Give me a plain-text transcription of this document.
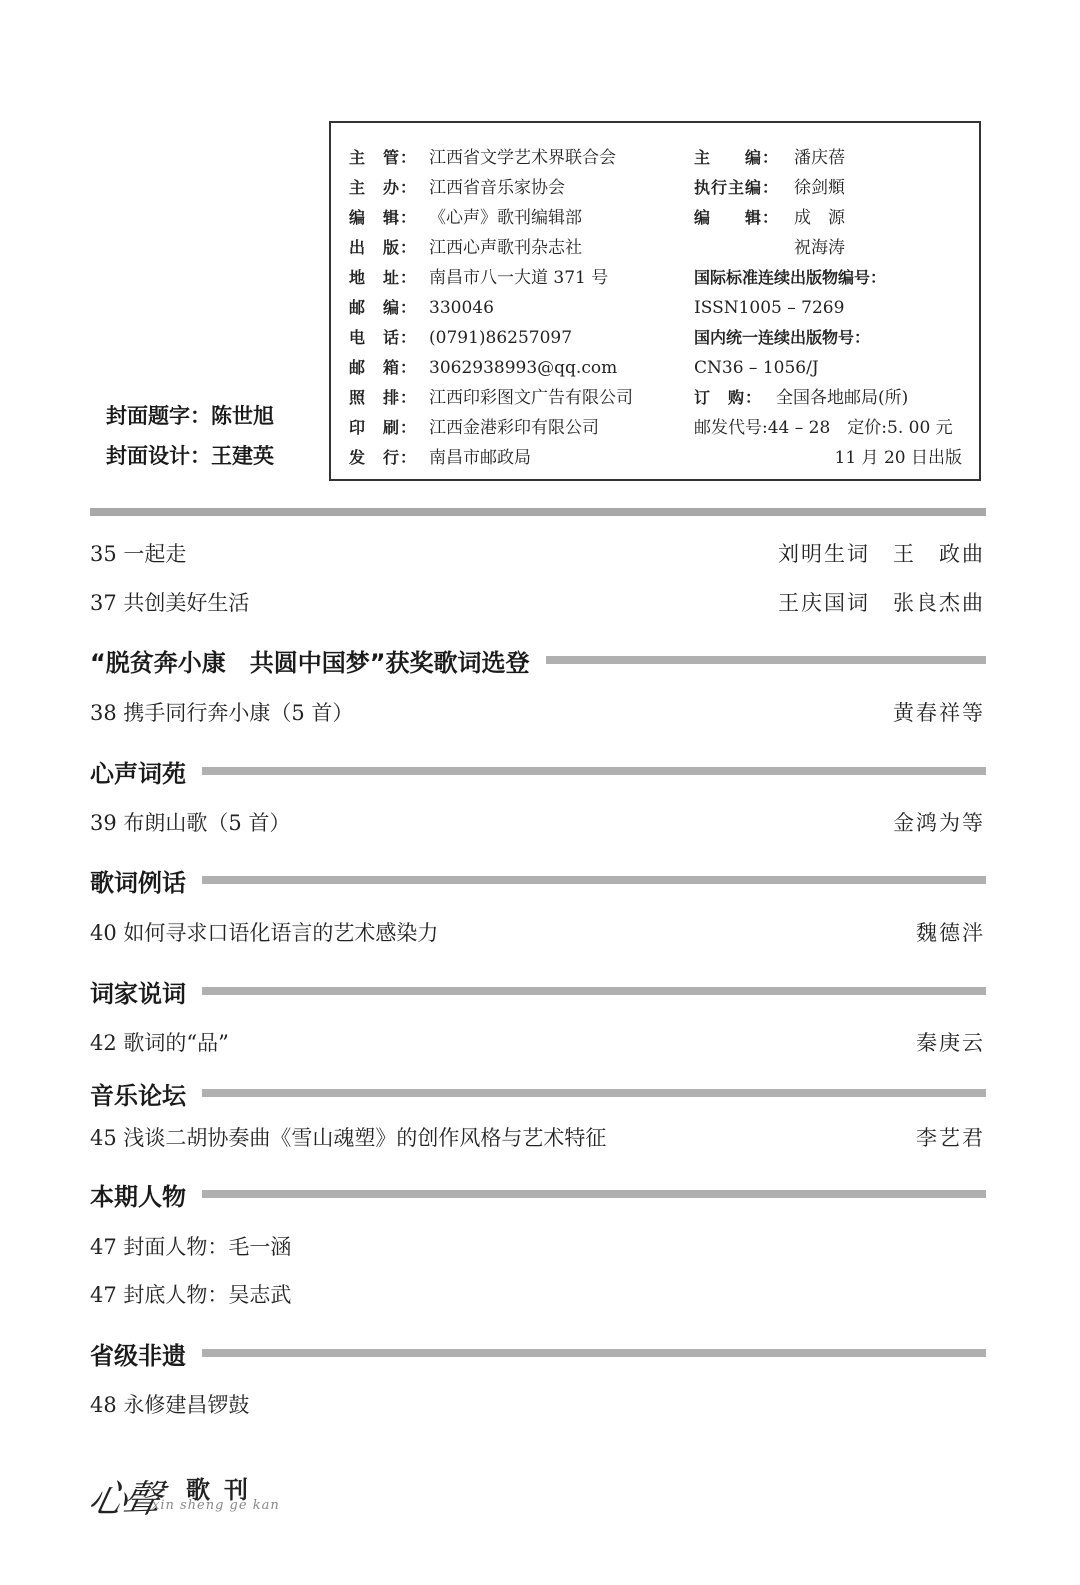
封面题字：陈世旭
封面设计：王建英
主　管： 江西省文学艺术界联合会
主　办： 江西省音乐家协会
编　辑： 《心声》歌刊编辑部
出　版： 江西心声歌刊杂志社
地　址： 南昌市八一大道 371 号
邮　编： 330046
电　话： (0791)86257097
邮　箱： 3062938993@qq.com
照　排： 江西印彩图文广告有限公司
印　刷： 江西金港彩印有限公司
发　行： 南昌市邮政局
主　　编： 潘庆蓓
执行主编： 徐剑頫
编　　辑： 成　源
祝海涛
国际标准连续出版物编号：
ISSN1005 – 7269
国内统一连续出版物号：
CN36 – 1056/J
订　购： 全国各地邮局(所)
邮发代号:44 – 28　定价:5. 00 元
11 月 20 日出版
35 一起走	刘明生词　王　政曲
37 共创美好生活	王庆国词　张良杰曲
“脱贫奔小康　共圆中国梦”获奖歌词选登
38 携手同行奔小康（5 首）	黄春祥等
心声词苑
39 布朗山歌（5 首）	金鸿为等
歌词例话
40 如何寻求口语化语言的艺术感染力	魏德泮
词家说词
42 歌词的“品”	秦庚云
音乐论坛
45 浅谈二胡协奏曲《雪山魂塑》的创作风格与艺术特征	李艺君
本期人物
47 封面人物：毛一涵
47 封底人物：吴志武
省级非遗
48 永修建昌锣鼓
心聲 歌刊
xin sheng ge kan
